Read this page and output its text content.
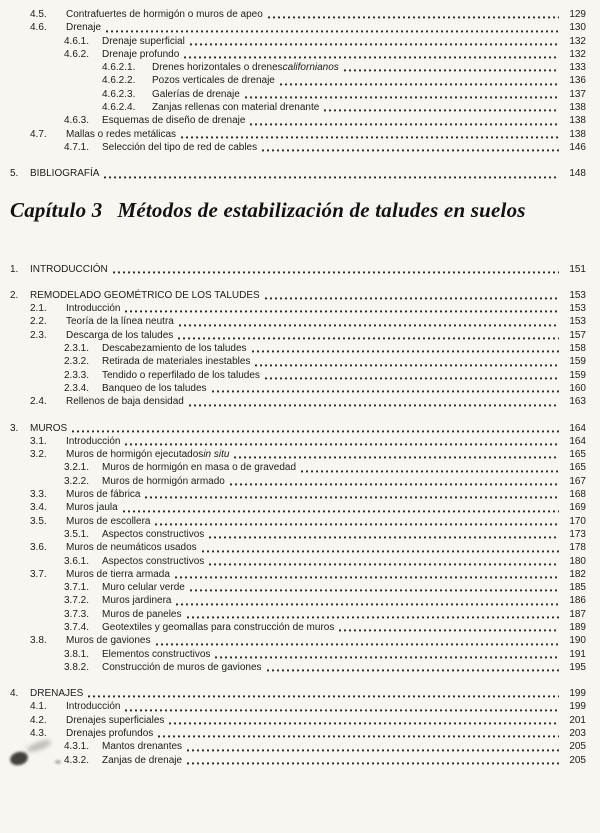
4.5.	Contrafuertes de hormigón o muros de apeo	129
4.6.	Drenaje	130
4.6.1.	Drenaje superficial	132
4.6.2.	Drenaje profundo	132
4.6.2.1.	Drenes horizontales o drenes californianos	133
4.6.2.2.	Pozos verticales de drenaje	136
4.6.2.3.	Galerías de drenaje	137
4.6.2.4.	Zanjas rellenas con material drenante	138
4.6.3.	Esquemas de diseño de drenaje	138
4.7.	Mallas o redes metálicas	138
4.7.1.	Selección del tipo de red de cables	146
5.	BIBLIOGRAFÍA	148
Capítulo 3 Métodos de estabilización de taludes en suelos
1.	INTRODUCCIÓN	151
2.	REMODELADO GEOMÉTRICO DE LOS TALUDES	153
2.1.	Introducción	153
2.2.	Teoría de la línea neutra	153
2.3.	Descarga de los taludes	157
2.3.1.	Descabezamiento de los taludes	158
2.3.2.	Retirada de materiales inestables	159
2.3.3.	Tendido o reperfilado de los taludes	159
2.3.4.	Banqueo de los taludes	160
2.4.	Rellenos de baja densidad	163
3.	MUROS	164
3.1.	Introducción	164
3.2.	Muros de hormigón ejecutados in situ	165
3.2.1.	Muros de hormigón en masa o de gravedad	165
3.2.2.	Muros de hormigón armado	167
3.3.	Muros de fábrica	168
3.4.	Muros jaula	169
3.5.	Muros de escollera	170
3.5.1.	Aspectos constructivos	173
3.6.	Muros de neumáticos usados	178
3.6.1.	Aspectos constructivos	180
3.7.	Muros de tierra armada	182
3.7.1.	Muro celular verde	185
3.7.2.	Muros jardinera	186
3.7.3.	Muros de paneles	187
3.7.4.	Geotextiles y geomallas para construcción de muros	189
3.8.	Muros de gaviones	190
3.8.1.	Elementos constructivos	191
3.8.2.	Construcción de muros de gaviones	195
4.	DRENAJES	199
4.1.	Introducción	199
4.2.	Drenajes superficiales	201
4.3.	Drenajes profundos	203
4.3.1.	Mantos drenantes	205
4.3.2.	Zanjas de drenaje	205
